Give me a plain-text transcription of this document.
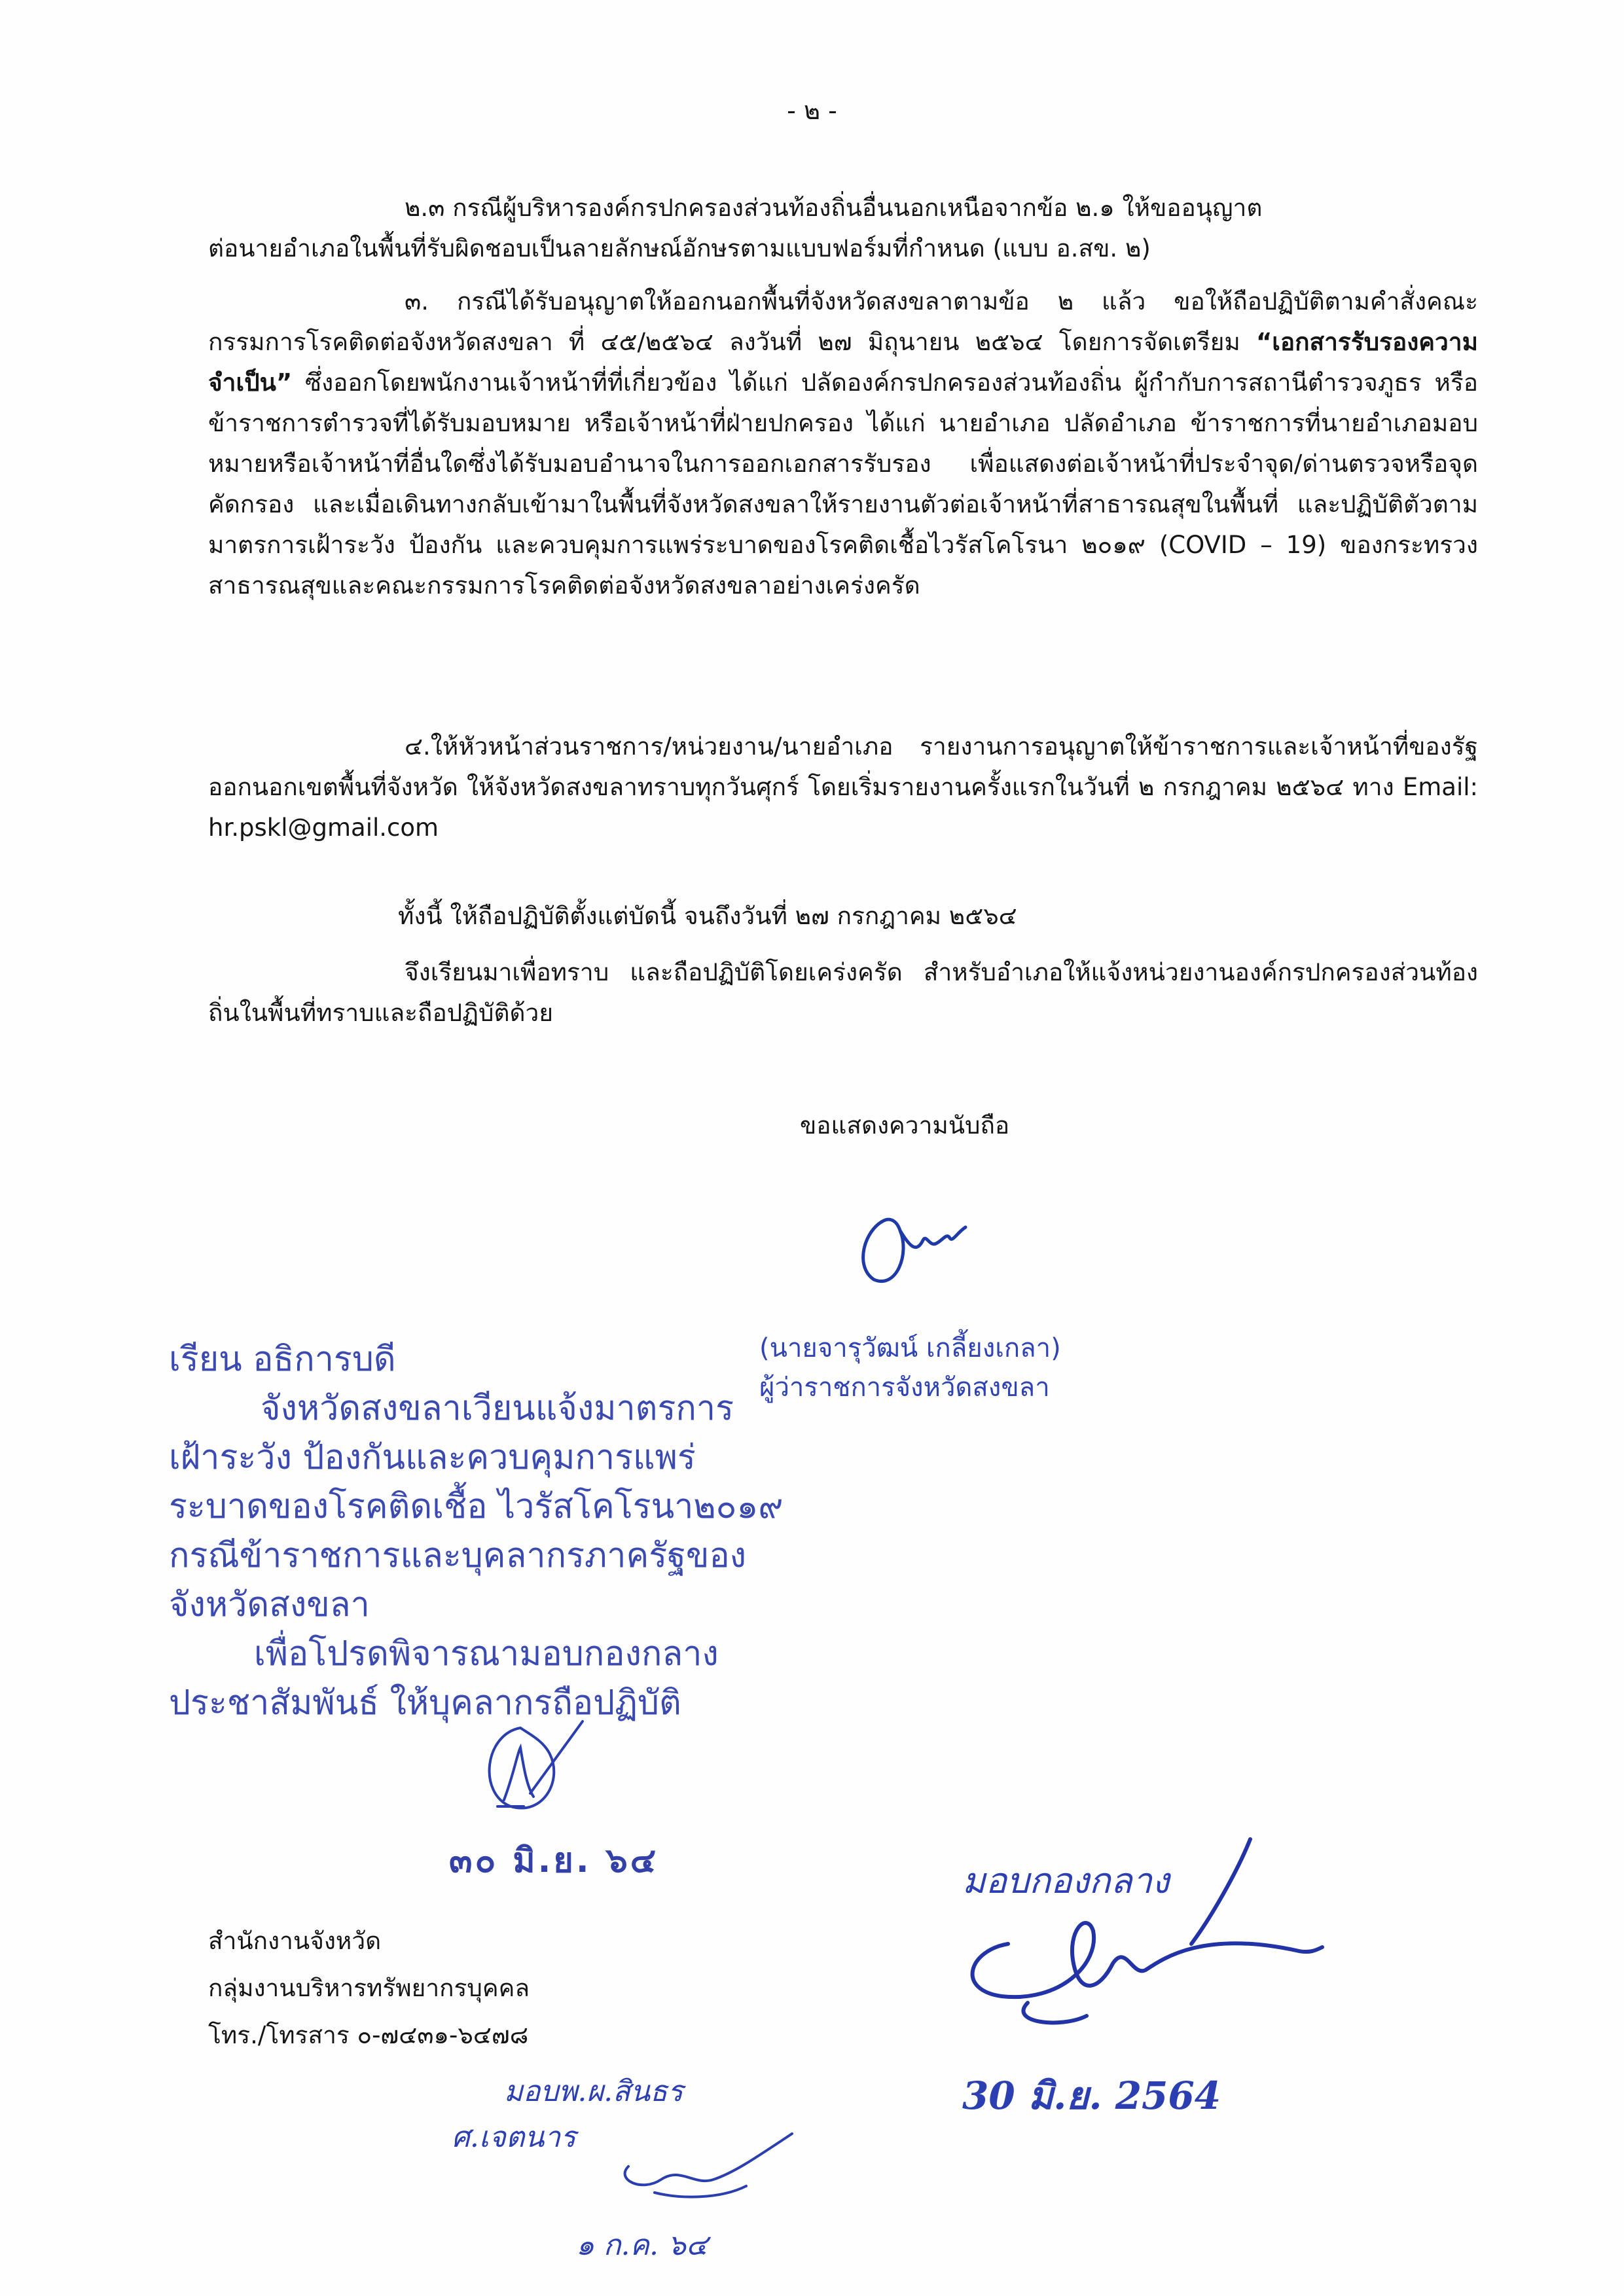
- ๒ -
๒.๓ กรณีผู้บริหารองค์กรปกครองส่วนท้องถิ่นอื่นนอกเหนือจากข้อ ๒.๑ ให้ขออนุญาต
ต่อนายอำเภอในพื้นที่รับผิดชอบเป็นลายลักษณ์อักษรตามแบบฟอร์มที่กำหนด (แบบ อ.สข. ๒)
๓. กรณีได้รับอนุญาตให้ออกนอกพื้นที่จังหวัดสงขลาตามข้อ ๒ แล้ว ขอให้ถือปฏิบัติตามคำสั่งคณะกรรมการโรคติดต่อจังหวัดสงขลา ที่ ๔๕/๒๕๖๔ ลงวันที่ ๒๗ มิถุนายน ๒๕๖๔ โดยการจัดเตรียม “เอกสารรับรองความจำเป็น” ซึ่งออกโดยพนักงานเจ้าหน้าที่ที่เกี่ยวข้อง ได้แก่ ปลัดองค์กรปกครองส่วนท้องถิ่น ผู้กำกับการสถานีตำรวจภูธร หรือข้าราชการตำรวจที่ได้รับมอบหมาย หรือเจ้าหน้าที่ฝ่ายปกครอง ได้แก่ นายอำเภอ ปลัดอำเภอ ข้าราชการที่นายอำเภอมอบหมายหรือเจ้าหน้าที่อื่นใดซึ่งได้รับมอบอำนาจในการออกเอกสารรับรอง เพื่อแสดงต่อเจ้าหน้าที่ประจำจุด/ด่านตรวจหรือจุดคัดกรอง และเมื่อเดินทางกลับเข้ามาในพื้นที่จังหวัดสงขลาให้รายงานตัวต่อเจ้าหน้าที่สาธารณสุขในพื้นที่ และปฏิบัติตัวตามมาตรการเฝ้าระวัง ป้องกัน และควบคุมการแพร่ระบาดของโรคติดเชื้อไวรัสโคโรนา ๒๐๑๙ (COVID – 19) ของกระทรวงสาธารณสุขและคณะกรรมการโรคติดต่อจังหวัดสงขลาอย่างเคร่งครัด
๔.ให้หัวหน้าส่วนราชการ/หน่วยงาน/นายอำเภอ รายงานการอนุญาตให้ข้าราชการและเจ้าหน้าที่ของรัฐออกนอกเขตพื้นที่จังหวัด ให้จังหวัดสงขลาทราบทุกวันศุกร์ โดยเริ่มรายงานครั้งแรกในวันที่ ๒ กรกฎาคม ๒๕๖๔ ทาง Email: hr.pskl@gmail.com
ทั้งนี้ ให้ถือปฏิบัติตั้งแต่บัดนี้ จนถึงวันที่ ๒๗ กรกฎาคม ๒๕๖๔
จึงเรียนมาเพื่อทราบ และถือปฏิบัติโดยเคร่งครัด สำหรับอำเภอให้แจ้งหน่วยงานองค์กรปกครองส่วนท้องถิ่นในพื้นที่ทราบและถือปฏิบัติด้วย
ขอแสดงความนับถือ
(นายจารุวัฒน์ เกลี้ยงเกลา)
ผู้ว่าราชการจังหวัดสงขลา
เรียน อธิการบดี
จังหวัดสงขลาเวียนแจ้งมาตรการ
เฝ้าระวัง ป้องกันและควบคุมการแพร่
ระบาดของโรคติดเชื้อ ไวรัสโคโรนา๒๐๑๙
กรณีข้าราชการและบุคลากรภาครัฐของ
จังหวัดสงขลา
เพื่อโปรดพิจารณามอบกองกลาง
ประชาสัมพันธ์ ให้บุคลากรถือปฏิบัติ
๓๐ มิ.ย. ๖๔
สำนักงานจังหวัด
กลุ่มงานบริหารทรัพยากรบุคคล
โทร./โทรสาร ๐-๗๔๓๑-๖๔๗๘
มอบกองกลาง
30 มิ.ย. 2564
มอบพ.ผ.สินธร
ศ.เจตนาร
๑ ก.ค. ๖๔
